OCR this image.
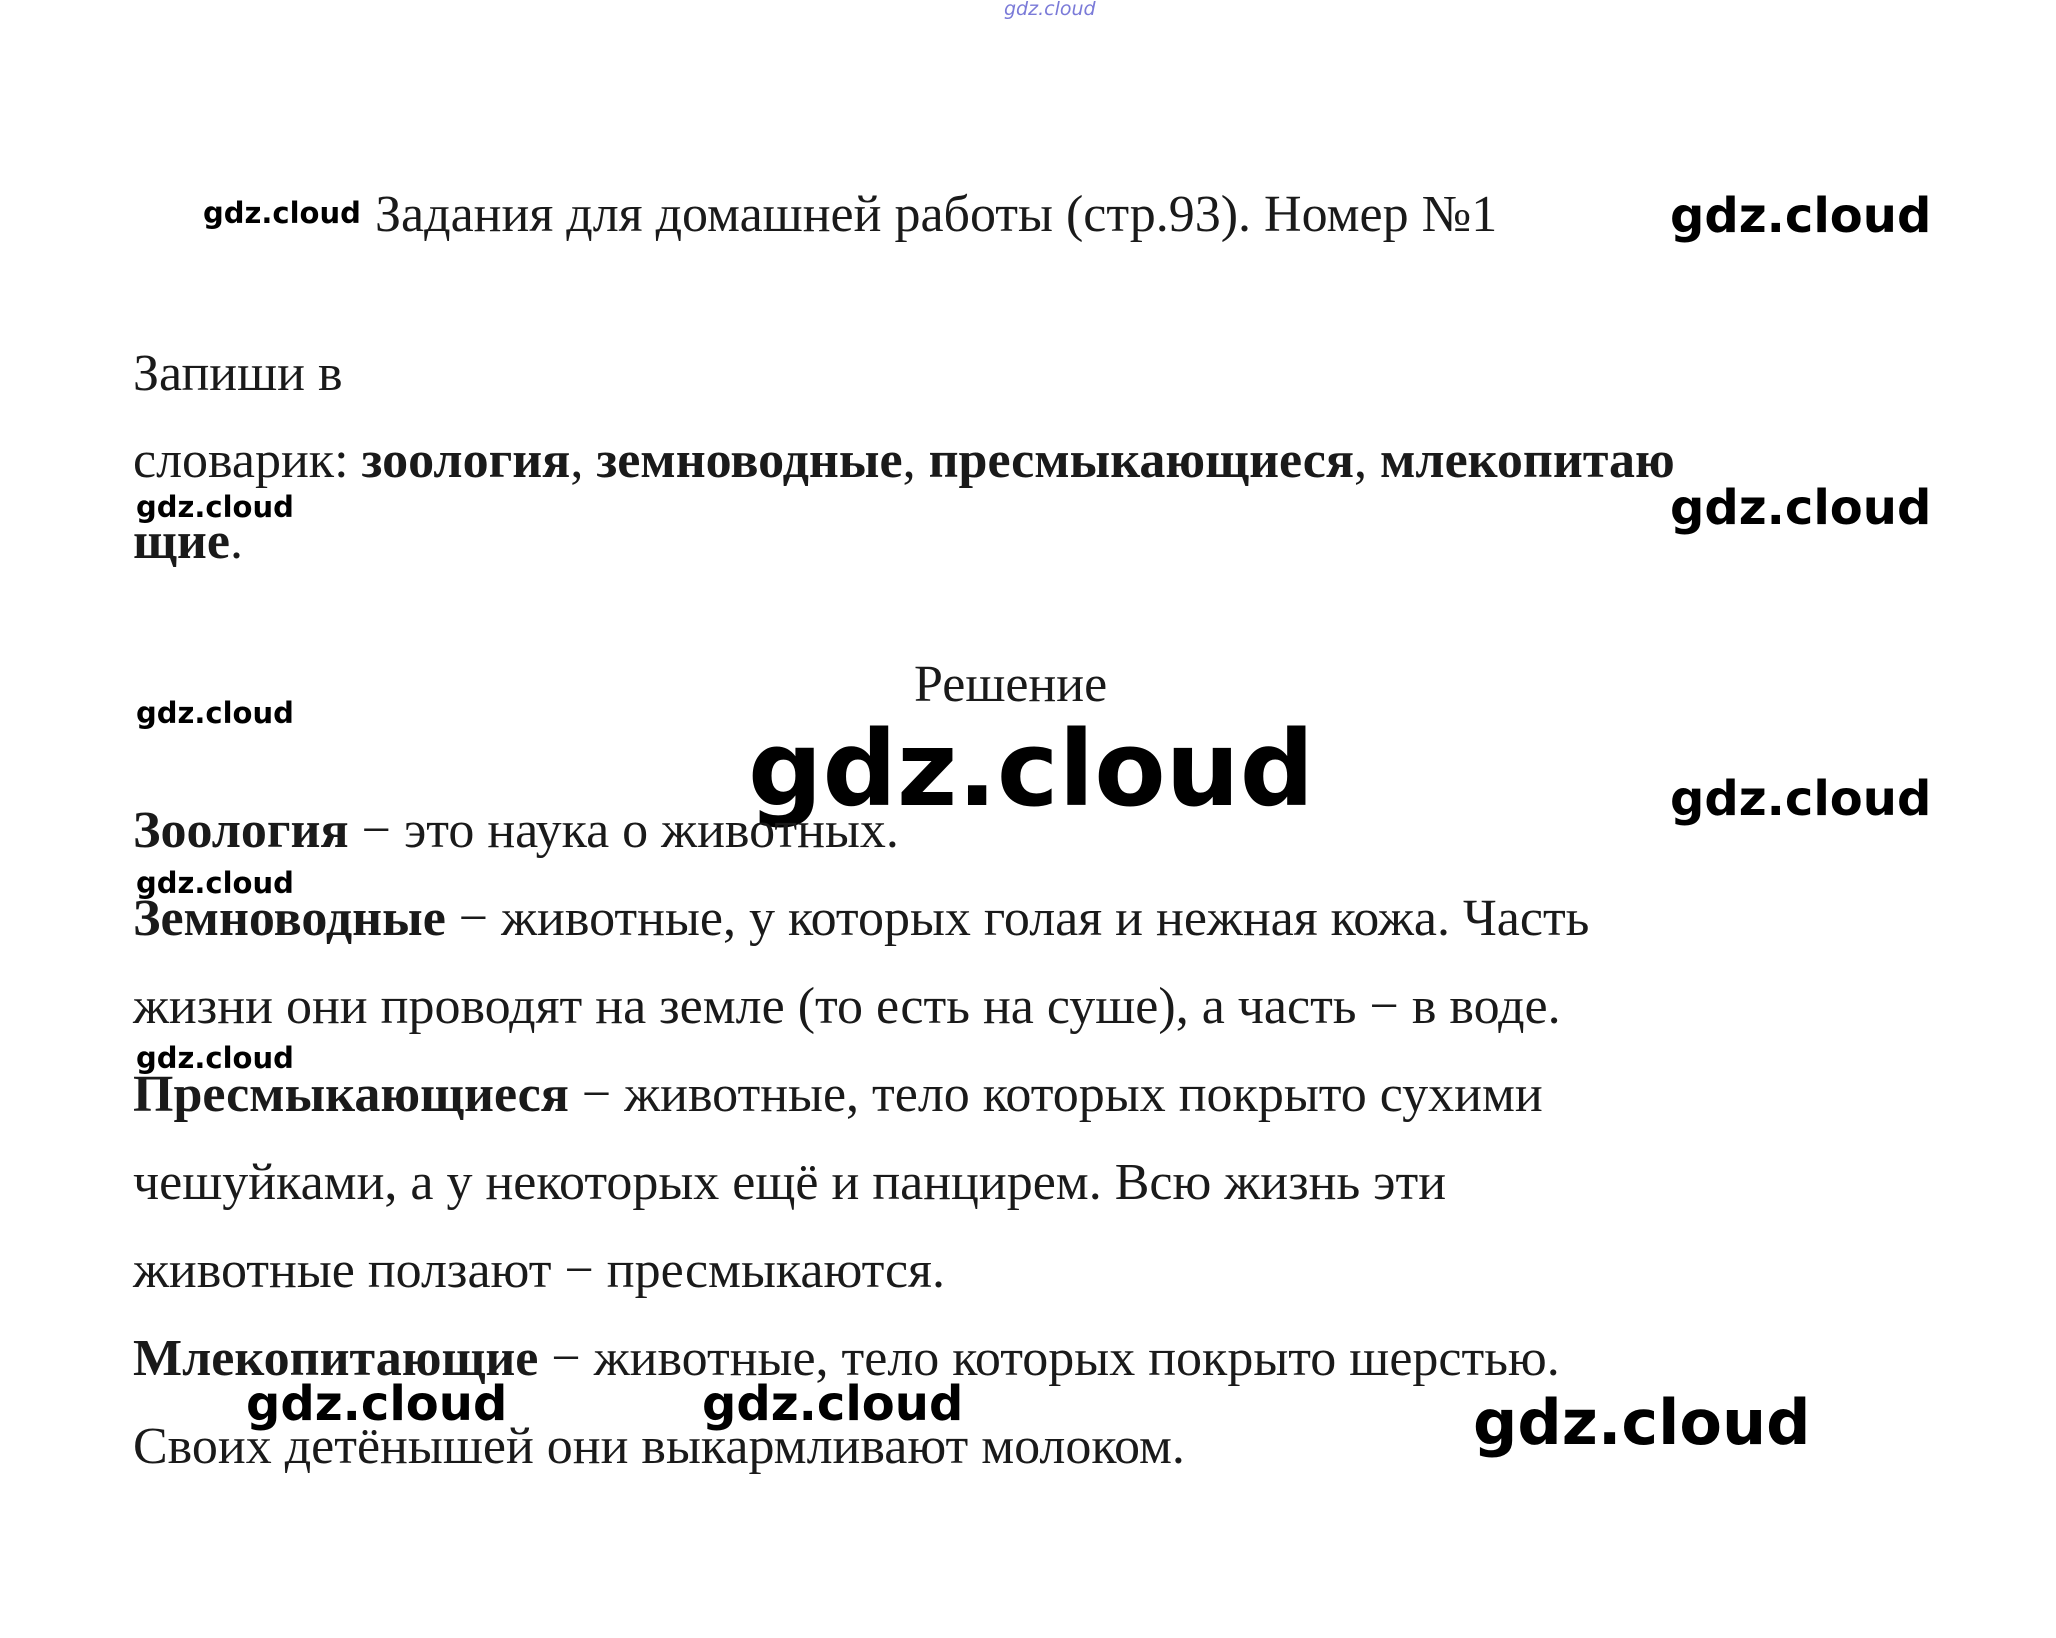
gdz.cloud
gdz.cloud	gdz.cloud
gdz.cloud	gdz.cloud
gdz.cloud	gdz.cloud	gdz.cloud
gdz.cloud
gdz.cloud
Задания для домашней работы (стр.93). Номер №1
Запиши в
словарик: зоология, земноводные, пресмыкающиеся, млекопитаю
щие.
Решение
Зоология − это наука о животных.
Земноводные − животные, у которых голая и нежная кожа. Часть
жизни они проводят на земле (то есть на суше), а часть − в воде.
Пресмыкающиеся − животные, тело которых покрыто сухими
чешуйками, а у некоторых ещё и панцирем. Всю жизнь эти
животные ползают − пресмыкаются.
Млекопитающие − животные, тело которых покрыто шерстью.
Своих детёнышей они выкармливают молоком.
gdz.cloud	gdz.cloud	gdz.cloud
